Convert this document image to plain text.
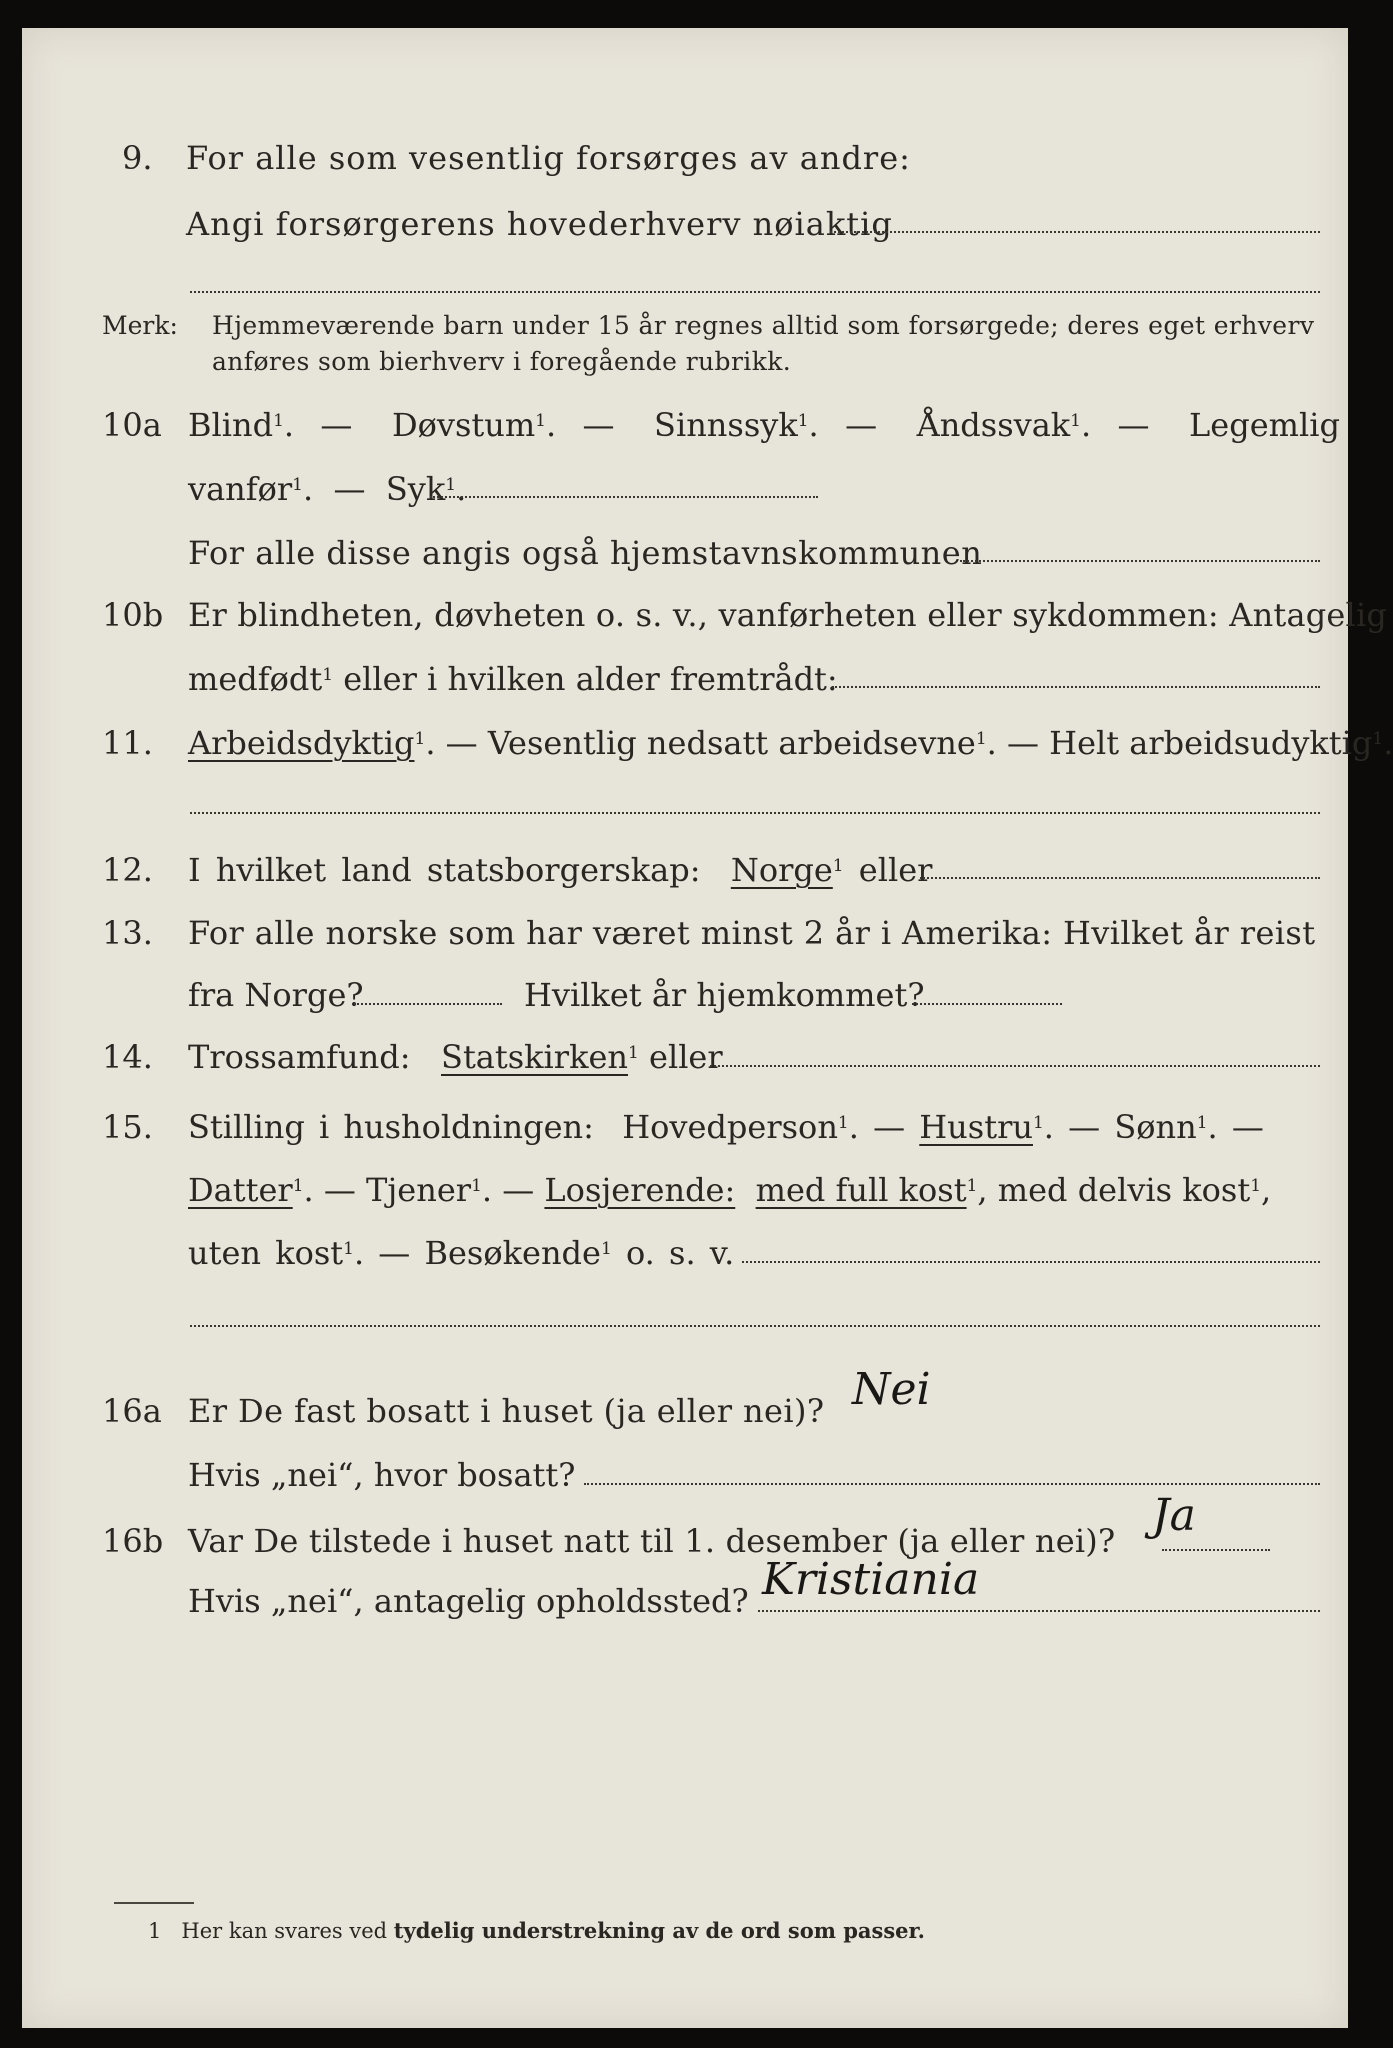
9. For alle som vesentlig forsørges av andre:
Angi forsørgerens hovederhverv nøiaktig
Merk: Hjemmeværende barn under 15 år regnes alltid som forsørgede; deres eget erhverv
anføres som bierhverv i foregående rubrikk.
10a Blind$^1$.  —   Døvstum$^1$.  —   Sinnssyk$^1$.  —   Åndssvak$^1$.  —   Legemlig
vanfør$^1$.  —  Syk$^1$.
For alle disse angis også hjemstavnskommunen
10b Er blindheten, døvheten o. s. v., vanførheten eller sykdommen: Antagelig
medfødt$^1$ eller i hvilken alder fremtrådt:
11. Arbeidsdyktig$^1$. — Vesentlig nedsatt arbeidsevne$^1$. — Helt arbeidsudyktig$^1$.
12. I hvilket land statsborgerskap: Norge$^1$ eller
13. For alle norske som har været minst 2 år i Amerika: Hvilket år reist
fra Norge?	Hvilket år hjemkommet?
14. Trossamfund: Statskirken$^1$ eller
15. Stilling i husholdningen: Hovedperson$^1$. — Hustru$^1$. — Sønn$^1$. —
Datter$^1$. — Tjener$^1$. — Losjerende: med full kost$^1$, med delvis kost$^1$,
uten kost$^1$. — Besøkende$^1$ o. s. v.
16a Er De fast bosatt i huset (ja eller nei)? Nei
Hvis „nei“, hvor bosatt?
16b Var De tilstede i huset natt til 1. desember (ja eller nei)? Ja
Hvis „nei“, antagelig opholdssted? Kristiania
1 Her kan svares ved tydelig understrekning av de ord som passer.
